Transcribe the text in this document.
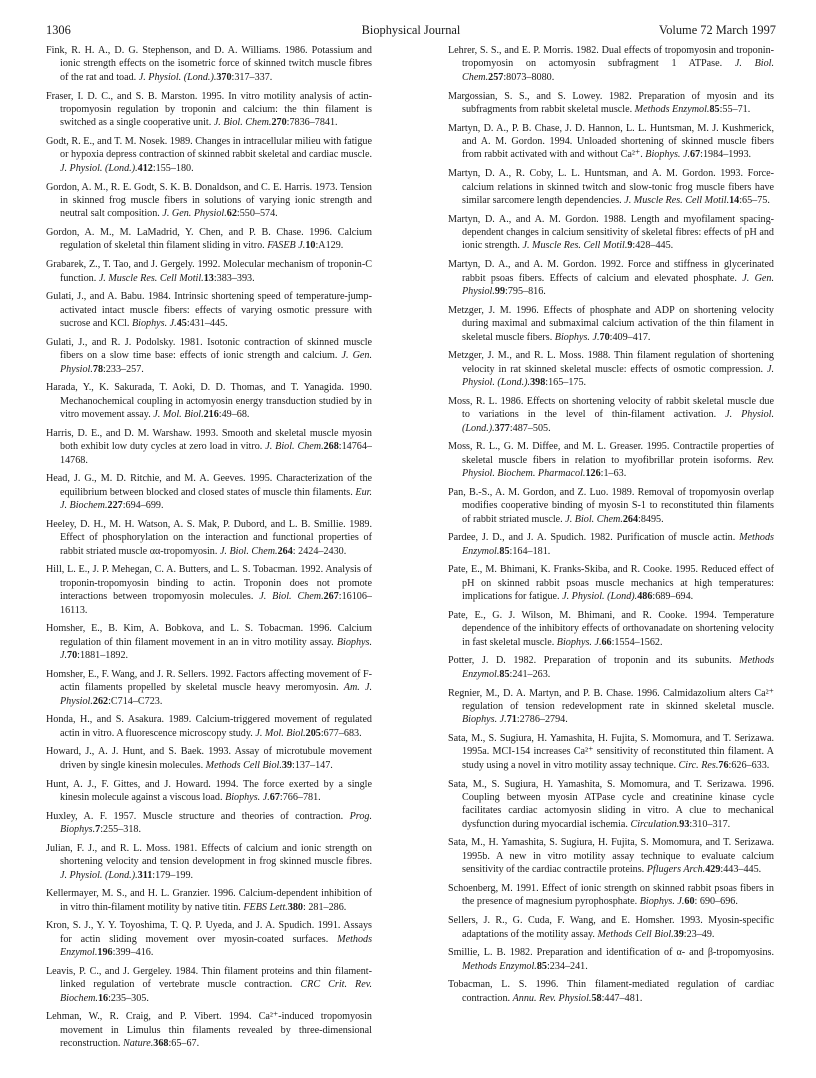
1306	Biophysical Journal	Volume 72 March 1997

Fink, R. H. A., D. G. Stephenson, and D. A. Williams. 1986. Potassium and ionic strength effects on the isometric force of skinned twitch muscle fibres of the rat and toad. J. Physiol. (Lond.).370:317–337.

Fraser, I. D. C., and S. B. Marston. 1995. In vitro motility analysis of actin-tropomyosin regulation by troponin and calcium: the thin filament is switched as a single cooperative unit. J. Biol. Chem.270:7836–7841.

Godt, R. E., and T. M. Nosek. 1989. Changes in intracellular milieu with fatigue or hypoxia depress contraction of skinned rabbit skeletal and cardiac muscle. J. Physiol. (Lond.).412:155–180.

Gordon, A. M., R. E. Godt, S. K. B. Donaldson, and C. E. Harris. 1973. Tension in skinned frog muscle fibers in solutions of varying ionic strength and neutral salt composition. J. Gen. Physiol.62:550–574.

Gordon, A. M., M. LaMadrid, Y. Chen, and P. B. Chase. 1996. Calcium regulation of skeletal thin filament sliding in vitro. FASEB J.10:A129.

Grabarek, Z., T. Tao, and J. Gergely. 1992. Molecular mechanism of troponin-C function. J. Muscle Res. Cell Motil.13:383–393.

Gulati, J., and A. Babu. 1984. Intrinsic shortening speed of temperature-jump-activated intact muscle fibers: effects of varying osmotic pressure with sucrose and KCl. Biophys. J.45:431–445.

Gulati, J., and R. J. Podolsky. 1981. Isotonic contraction of skinned muscle fibers on a slow time base: effects of ionic strength and calcium. J. Gen. Physiol.78:233–257.

Harada, Y., K. Sakurada, T. Aoki, D. D. Thomas, and T. Yanagida. 1990. Mechanochemical coupling in actomyosin energy transduction studied by in vitro movement assay. J. Mol. Biol.216:49–68.

Harris, D. E., and D. M. Warshaw. 1993. Smooth and skeletal muscle myosin both exhibit low duty cycles at zero load in vitro. J. Biol. Chem.268:14764–14768.

Head, J. G., M. D. Ritchie, and M. A. Geeves. 1995. Characterization of the equilibrium between blocked and closed states of muscle thin filaments. Eur. J. Biochem.227:694–699.

Heeley, D. H., M. H. Watson, A. S. Mak, P. Dubord, and L. B. Smillie. 1989. Effect of phosphorylation on the interaction and functional properties of rabbit striated muscle αα-tropomyosin. J. Biol. Chem.264: 2424–2430.

Hill, L. E., J. P. Mehegan, C. A. Butters, and L. S. Tobacman. 1992. Analysis of troponin-tropomyosin binding to actin. Troponin does not promote interactions between tropomyosin molecules. J. Biol. Chem.267:16106–16113.

Homsher, E., B. Kim, A. Bobkova, and L. S. Tobacman. 1996. Calcium regulation of thin filament movement in an in vitro motility assay. Biophys. J.70:1881–1892.

Homsher, E., F. Wang, and J. R. Sellers. 1992. Factors affecting movement of F-actin filaments propelled by skeletal muscle heavy meromyosin. Am. J. Physiol.262:C714–C723.

Honda, H., and S. Asakura. 1989. Calcium-triggered movement of regulated actin in vitro. A fluorescence microscopy study. J. Mol. Biol.205:677–683.

Howard, J., A. J. Hunt, and S. Baek. 1993. Assay of microtubule movement driven by single kinesin molecules. Methods Cell Biol.39:137–147.

Hunt, A. J., F. Gittes, and J. Howard. 1994. The force exerted by a single kinesin molecule against a viscous load. Biophys. J.67:766–781.

Huxley, A. F. 1957. Muscle structure and theories of contraction. Prog. Biophys.7:255–318.

Julian, F. J., and R. L. Moss. 1981. Effects of calcium and ionic strength on shortening velocity and tension development in frog skinned muscle fibres. J. Physiol. (Lond.).311:179–199.

Kellermayer, M. S., and H. L. Granzier. 1996. Calcium-dependent inhibition of in vitro thin-filament motility by native titin. FEBS Lett.380: 281–286.

Kron, S. J., Y. Y. Toyoshima, T. Q. P. Uyeda, and J. A. Spudich. 1991. Assays for actin sliding movement over myosin-coated surfaces. Methods Enzymol.196:399–416.

Leavis, P. C., and J. Gergeley. 1984. Thin filament proteins and thin filament-linked regulation of vertebrate muscle contraction. CRC Crit. Rev. Biochem.16:235–305.

Lehman, W., R. Craig, and P. Vibert. 1994. Ca²⁺-induced tropomyosin movement in Limulus thin filaments revealed by three-dimensional reconstruction. Nature.368:65–67.

Lehrer, S. S., and E. P. Morris. 1982. Dual effects of tropomyosin and troponin-tropomyosin on actomyosin subfragment 1 ATPase. J. Biol. Chem.257:8073–8080.

Margossian, S. S., and S. Lowey. 1982. Preparation of myosin and its subfragments from rabbit skeletal muscle. Methods Enzymol.85:55–71.

Martyn, D. A., P. B. Chase, J. D. Hannon, L. L. Huntsman, M. J. Kushmerick, and A. M. Gordon. 1994. Unloaded shortening of skinned muscle fibers from rabbit activated with and without Ca²⁺. Biophys. J.67:1984–1993.

Martyn, D. A., R. Coby, L. L. Huntsman, and A. M. Gordon. 1993. Force-calcium relations in skinned twitch and slow-tonic frog muscle fibers have similar sarcomere length dependencies. J. Muscle Res. Cell Motil.14:65–75.

Martyn, D. A., and A. M. Gordon. 1988. Length and myofilament spacing-dependent changes in calcium sensitivity of skeletal fibres: effects of pH and ionic strength. J. Muscle Res. Cell Motil.9:428–445.

Martyn, D. A., and A. M. Gordon. 1992. Force and stiffness in glycerinated rabbit psoas fibers. Effects of calcium and elevated phosphate. J. Gen. Physiol.99:795–816.

Metzger, J. M. 1996. Effects of phosphate and ADP on shortening velocity during maximal and submaximal calcium activation of the thin filament in skeletal muscle fibers. Biophys. J.70:409–417.

Metzger, J. M., and R. L. Moss. 1988. Thin filament regulation of shortening velocity in rat skinned skeletal muscle: effects of osmotic compression. J. Physiol. (Lond.).398:165–175.

Moss, R. L. 1986. Effects on shortening velocity of rabbit skeletal muscle due to variations in the level of thin-filament activation. J. Physiol. (Lond.).377:487–505.

Moss, R. L., G. M. Diffee, and M. L. Greaser. 1995. Contractile properties of skeletal muscle fibers in relation to myofibrillar protein isoforms. Rev. Physiol. Biochem. Pharmacol.126:1–63.

Pan, B.-S., A. M. Gordon, and Z. Luo. 1989. Removal of tropomyosin overlap modifies cooperative binding of myosin S-1 to reconstituted thin filaments of rabbit striated muscle. J. Biol. Chem.264:8495.

Pardee, J. D., and J. A. Spudich. 1982. Purification of muscle actin. Methods Enzymol.85:164–181.

Pate, E., M. Bhimani, K. Franks-Skiba, and R. Cooke. 1995. Reduced effect of pH on skinned rabbit psoas muscle mechanics at high temperatures: implications for fatigue. J. Physiol. (Lond).486:689–694.

Pate, E., G. J. Wilson, M. Bhimani, and R. Cooke. 1994. Temperature dependence of the inhibitory effects of orthovanadate on shortening velocity in fast skeletal muscle. Biophys. J.66:1554–1562.

Potter, J. D. 1982. Preparation of troponin and its subunits. Methods Enzymol.85:241–263.

Regnier, M., D. A. Martyn, and P. B. Chase. 1996. Calmidazolium alters Ca²⁺ regulation of tension redevelopment rate in skinned skeletal muscle. Biophys. J.71:2786–2794.

Sata, M., S. Sugiura, H. Yamashita, H. Fujita, S. Momomura, and T. Serizawa. 1995a. MCI-154 increases Ca²⁺ sensitivity of reconstituted thin filament. A study using a novel in vitro motility assay technique. Circ. Res.76:626–633.

Sata, M., S. Sugiura, H. Yamashita, S. Momomura, and T. Serizawa. 1996. Coupling between myosin ATPase cycle and creatinine kinase cycle facilitates cardiac actomyosin sliding in vitro. A clue to mechanical dysfunction during myocardial ischemia. Circulation.93:310–317.

Sata, M., H. Yamashita, S. Sugiura, H. Fujita, S. Momomura, and T. Serizawa. 1995b. A new in vitro motility assay technique to evaluate calcium sensitivity of the cardiac contractile proteins. Pflugers Arch.429:443–445.

Schoenberg, M. 1991. Effect of ionic strength on skinned rabbit psoas fibers in the presence of magnesium pyrophosphate. Biophys. J.60: 690–696.

Sellers, J. R., G. Cuda, F. Wang, and E. Homsher. 1993. Myosin-specific adaptations of the motility assay. Methods Cell Biol.39:23–49.

Smillie, L. B. 1982. Preparation and identification of α- and β-tropomyosins. Methods Enzymol.85:234–241.

Tobacman, L. S. 1996. Thin filament-mediated regulation of cardiac contraction. Annu. Rev. Physiol.58:447–481.
